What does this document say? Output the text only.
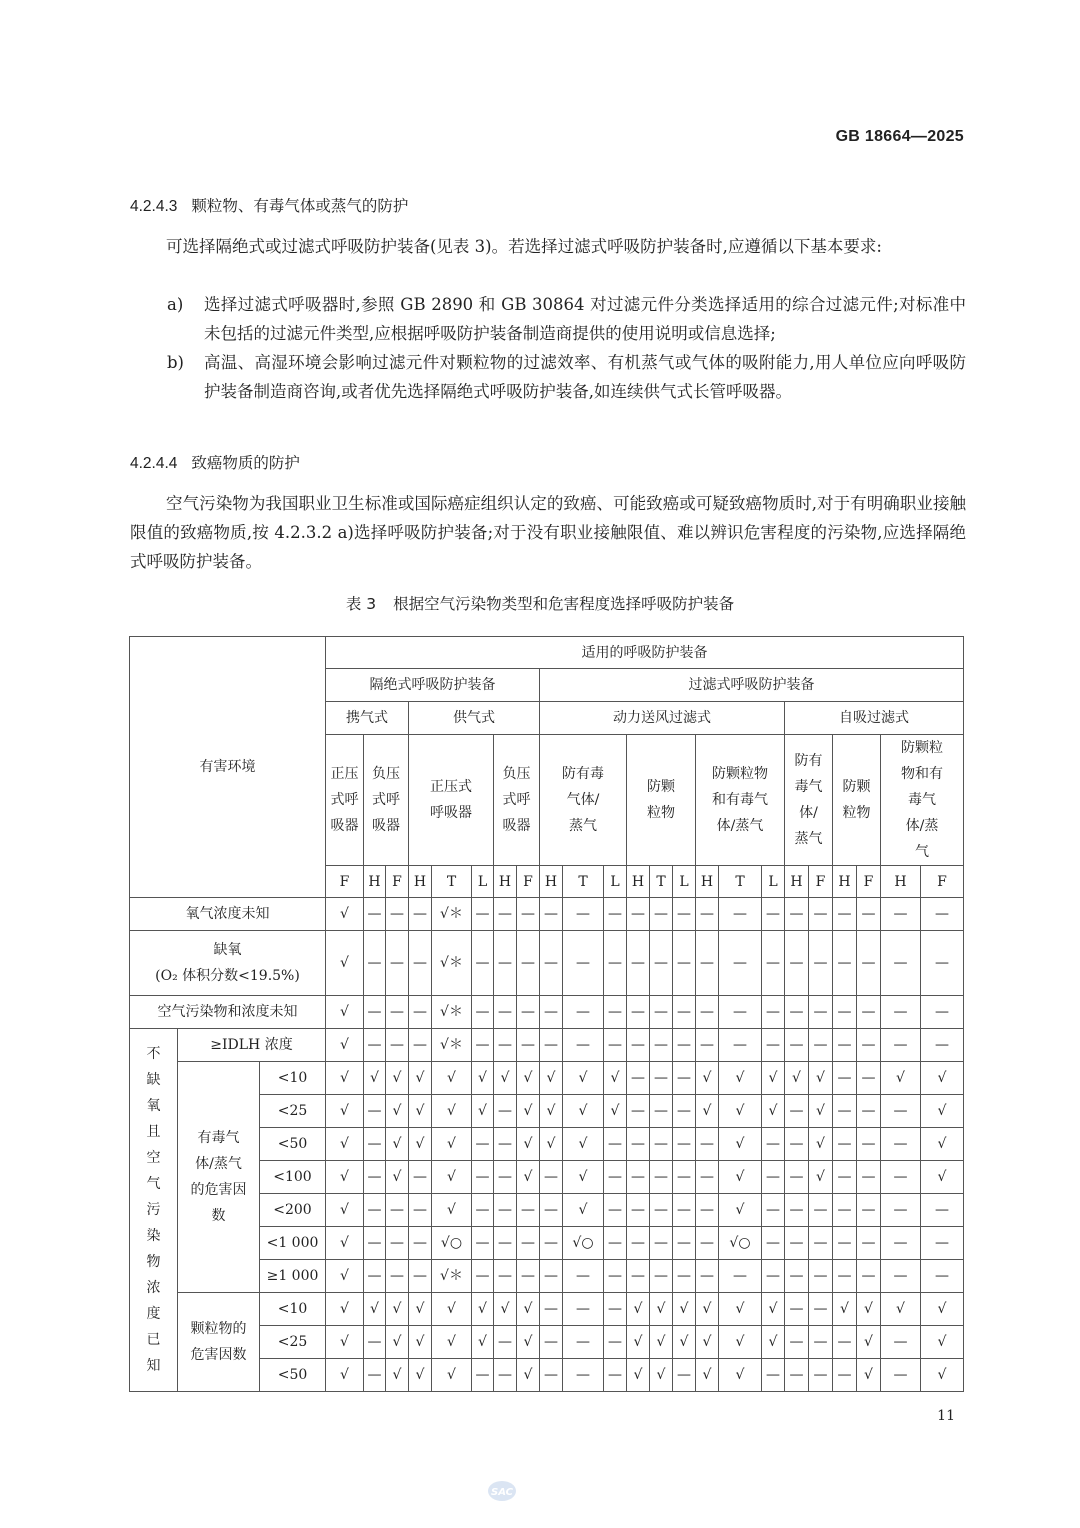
GB 18664—2025
4.2.4.3 颗粒物、有毒气体或蒸气的防护
可选择隔绝式或过滤式呼吸防护装备(见表 3)。若选择过滤式呼吸防护装备时,应遵循以下基本要求:
a) 选择过滤式呼吸器时,参照 GB 2890 和 GB 30864 对过滤元件分类选择适用的综合过滤元件;对标准中未包括的过滤元件类型,应根据呼吸防护装备制造商提供的使用说明或信息选择;
b) 高温、高湿环境会影响过滤元件对颗粒物的过滤效率、有机蒸气或气体的吸附能力,用人单位应向呼吸防护装备制造商咨询,或者优先选择隔绝式呼吸防护装备,如连续供气式长管呼吸器。
4.2.4.4 致癌物质的防护
空气污染物为我国职业卫生标准或国际癌症组织认定的致癌、可能致癌或可疑致癌物质时,对于有明确职业接触限值的致癌物质,按 4.2.3.2 a)选择呼吸防护装备;对于没有职业接触限值、难以辨识危害程度的污染物,应选择隔绝式呼吸防护装备。
表 3 根据空气污染物类型和危害程度选择呼吸防护装备
有害环境			适用的呼吸防护装备																						
			隔绝式呼吸防护装备								过滤式呼吸防护装备														
			携气式			供气式					动力送风过滤式									自吸过滤式					

			正压式呼吸器	负压式呼吸器		正压式呼吸器			负压式呼吸器		防有毒气体/蒸气			防颗粒物			防颗粒物和有毒气体/蒸气			防有毒气体/蒸气		防颗粒物		防颗粒物和有毒气体/蒸气	

			F	H	F	H	T	L	H	F	H	T	L	H	T	L	H	T	L	H	F	H	F	H	F
氧气浓度未知			√	—	—	—	√＊	—	—	—	—	—	—	—	—	—	—	—	—	—	—	—	—	—	—

缺氧
(O₂ 体积分数<19.5%)			√	—	—	—	√＊	—	—	—	—	—	—	—	—	—	—	—	—	—	—	—	—	—	—
空气污染物和浓度未知			√	—	—	—	√＊	—	—	—	—	—	—	—	—	—	—	—	—	—	—	—	—	—	—

不缺氧且空气污染物浓度已知	≥IDLH 浓度		√	—	—	—	√＊	—	—	—	—	—	—	—	—	—	—	—	—	—	—	—	—	—	—

	有毒气体/蒸气的危害因数	<10	√	√	√	√	√	√	√	√	√	√	√	—	—	—	√	√	√	√	√	—	—	√	√
		<25	√	—	√	√	√	√	—	√	√	√	√	—	—	—	√	√	√	—	√	—	—	—	√
		<50	√	—	√	√	√	—	—	√	√	√	—	—	—	—	—	√	—	—	√	—	—	—	√
		<100	√	—	√	—	√	—	—	√	—	√	—	—	—	—	—	√	—	—	√	—	—	—	√
		<200	√	—	—	—	√	—	—	—	—	√	—	—	—	—	—	√	—	—	—	—	—	—	—
		<1 000	√	—	—	—	√○	—	—	—	—	√○	—	—	—	—	—	√○	—	—	—	—	—	—	—
		≥1 000	√	—	—	—	√＊	—	—	—	—	—	—	—	—	—	—	—	—	—	—	—	—	—	—

	颗粒物的危害因数	<10	√	√	√	√	√	√	√	√	—	—	—	√	√	√	√	√	√	—	—	√	√	√	√
		<25	√	—	√	√	√	√	—	√	—	—	—	√	√	√	√	√	√	—	—	—	√	—	√
		<50	√	—	√	√	√	—	—	√	—	—	—	√	√	—	√	√	—	—	—	—	√	—	√
11
SAC
